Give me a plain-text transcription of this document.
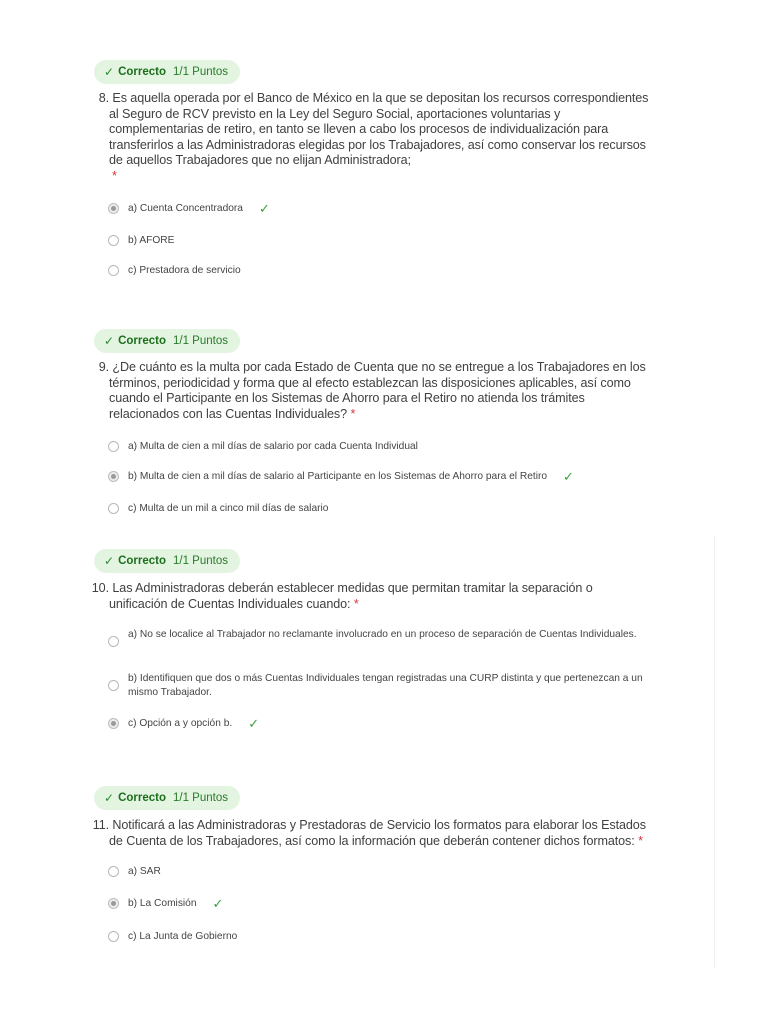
✓ Correcto 1/1 Puntos
8. Es aquella operada por el Banco de México en la que se depositan los recursos correspondientes
al Seguro de RCV previsto en la Ley del Seguro Social, aportaciones voluntarias y
complementarias de retiro, en tanto se lleven a cabo los procesos de individualización para
transferirlos a las Administradoras elegidas por los Trabajadores, así como conservar los recursos
de aquellos Trabajadores que no elijan Administradora;
*
a) Cuenta Concentradora ✓
b) AFORE
c) Prestadora de servicio
✓ Correcto 1/1 Puntos
9. ¿De cuánto es la multa por cada Estado de Cuenta que no se entregue a los Trabajadores en los
términos, periodicidad y forma que al efecto establezcan las disposiciones aplicables, así como
cuando el Participante en los Sistemas de Ahorro para el Retiro no atienda los trámites
relacionados con las Cuentas Individuales? *
a) Multa de cien a mil días de salario por cada Cuenta Individual
b) Multa de cien a mil días de salario al Participante en los Sistemas de Ahorro para el Retiro ✓
c) Multa de un mil a cinco mil días de salario
✓ Correcto 1/1 Puntos
10. Las Administradoras deberán establecer medidas que permitan tramitar la separación o
unificación de Cuentas Individuales cuando: *
a) No se localice al Trabajador no reclamante involucrado en un proceso de separación de Cuentas Individuales.
b) Identifiquen que dos o más Cuentas Individuales tengan registradas una CURP distinta y que pertenezcan a un mismo Trabajador.
c) Opción a y opción b. ✓
✓ Correcto 1/1 Puntos
11. Notificará a las Administradoras y Prestadoras de Servicio los formatos para elaborar los Estados
de Cuenta de los Trabajadores, así como la información que deberán contener dichos formatos: *
a) SAR
b) La Comisión ✓
c) La Junta de Gobierno
